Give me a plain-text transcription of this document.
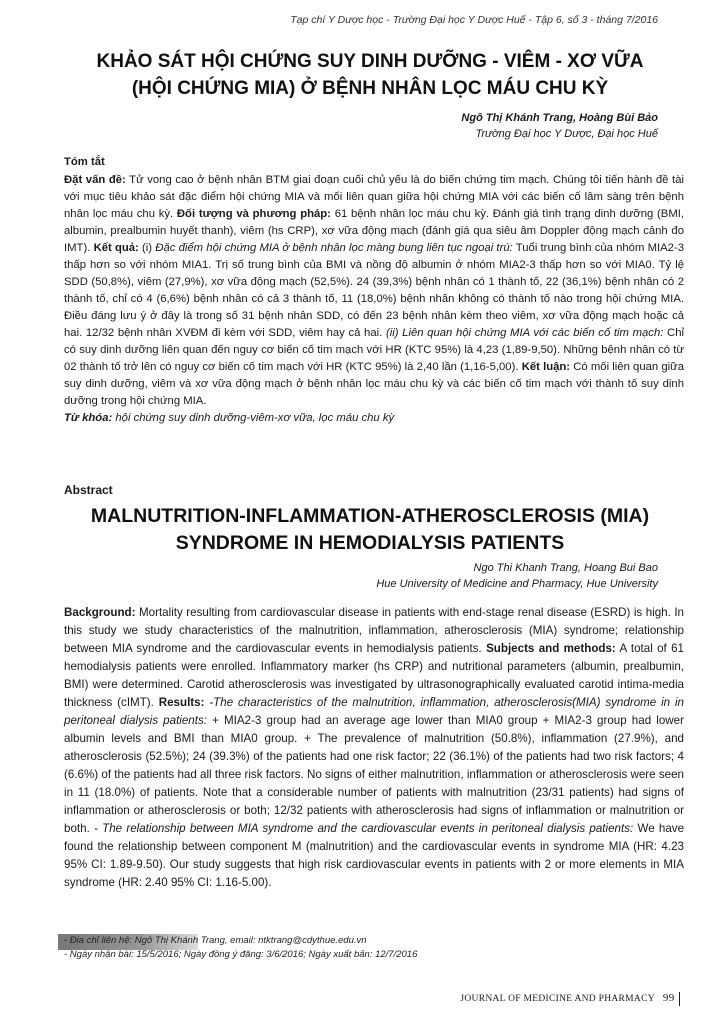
Tạp chí Y Dược học - Trường Đại học Y Dược Huế - Tập 6, số 3 - tháng 7/2016
KHẢO SÁT HỘI CHỨNG SUY DINH DƯỠNG - VIÊM - XƠ VỮA
(HỘI CHỨNG MIA) Ở BỆNH NHÂN LỌC MÁU CHU KỲ
Ngô Thị Khánh Trang, Hoàng Bùi Bảo
Trường Đại học Y Dược, Đại học Huế
Tóm tắt
Đặt vấn đề: Tử vong cao ở bệnh nhân BTM giai đoạn cuối chủ yếu là do biến chứng tim mạch. Chúng tôi tiến hành đề tài với mục tiêu khảo sát đặc điểm hội chứng MIA và mối liên quan giữa hội chứng MIA với các biến cố lâm sàng trên bệnh nhân lọc máu chu kỳ. Đối tượng và phương pháp: 61 bệnh nhân lọc máu chu kỳ. Đánh giá tình trạng dinh dưỡng (BMI, albumin, prealbumin huyết thanh), viêm (hs CRP), xơ vữa động mạch (đánh giá qua siêu âm Doppler động mạch cảnh đo IMT). Kết quả: (i) Đặc điểm hội chứng MIA ở bệnh nhân lọc màng bụng liên tục ngoại trú: Tuổi trung bình của nhóm MIA2-3 thấp hơn so với nhóm MIA1. Trị số trung bình của BMI và nồng độ albumin ở nhóm MIA2-3 thấp hơn so với MIA0. Tỷ lệ SDD (50,8%), viêm (27,9%), xơ vữa động mạch (52,5%). 24 (39,3%) bệnh nhân có 1 thành tố, 22 (36,1%) bệnh nhân có 2 thành tố, chỉ có 4 (6,6%) bệnh nhân có cả 3 thành tố, 11 (18,0%) bệnh nhân không có thành tố nào trong hội chứng MIA. Điều đáng lưu ý ở đây là trong số 31 bệnh nhân SDD, có đến 23 bệnh nhân kèm theo viêm, xơ vữa động mạch hoặc cả hai. 12/32 bệnh nhân XVĐM đi kèm với SDD, viêm hay cả hai. (ii) Liên quan hội chứng MIA với các biến cố tim mạch: Chỉ có suy dinh dưỡng liên quan đến nguy cơ biến cố tim mạch với HR (KTC 95%) là 4,23 (1,89-9,50). Những bệnh nhân có từ 02 thành tố trở lên có nguy cơ biến cố tim mạch với HR (KTC 95%) là 2,40 lần (1,16-5,00). Kết luận: Có mối liên quan giữa suy dinh dưỡng, viêm và xơ vữa động mạch ở bệnh nhân lọc máu chu kỳ và các biến cố tim mạch với thành tố suy dinh dưỡng trong hội chứng MIA.
Từ khóa: hội chứng suy dinh dưỡng-viêm-xơ vữa, lọc máu chu kỳ
Abstract
MALNUTRITION-INFLAMMATION-ATHEROSCLEROSIS (MIA)
SYNDROME IN HEMODIALYSIS PATIENTS
Ngo Thi Khanh Trang, Hoang Bui Bao
Hue University of Medicine and Pharmacy, Hue University
Background: Mortality resulting from cardiovascular disease in patients with end-stage renal disease (ESRD) is high. In this study we study characteristics of the malnutrition, inflammation, atherosclerosis (MIA) syndrome; relationship between MIA syndrome and the cardiovascular events in hemodialysis patients. Subjects and methods: A total of 61 hemodialysis patients were enrolled. Inflammatory marker (hs CRP) and nutritional parameters (albumin, prealbumin, BMI) were determined. Carotid atherosclerosis was investigated by ultrasonographically evaluated carotid intima-media thickness (cIMT). Results: -The characteristics of the malnutrition, inflammation, atherosclerosis(MIA) syndrome in in peritoneal dialysis patients: + MIA2-3 group had an average age lower than MIA0 group + MIA2-3 group had lower albumin levels and BMI than MIA0 group. + The prevalence of malnutrition (50.8%), inflammation (27.9%), and atherosclerosis (52.5%); 24 (39.3%) of the patients had one risk factor; 22 (36.1%) of the patients had two risk factors; 4 (6.6%) of the patients had all three risk factors. No signs of either malnutrition, inflammation or atherosclerosis were seen in 11 (18.0%) of patients. Note that a considerable number of patients with malnutrition (23/31 patients) had signs of inflammation or atherosclerosis or both; 12/32 patients with atherosclerosis had signs of inflammation or malnutrition or both. - The relationship between MIA syndrome and the cardiovascular events in peritoneal dialysis patients: We have found the relationship between component M (malnutrition) and the cardiovascular events in syndrome MIA (HR: 4.23 95% CI: 1.89-9.50). Our study suggests that high risk cardiovascular events in patients with 2 or more elements in MIA syndrome (HR: 2.40 95% CI: 1.16-5.00).
- Địa chỉ liên hệ: Ngô Thị Khánh Trang, email: ntktrang@cdythue.edu.vn
- Ngày nhận bài: 15/5/2016; Ngày đồng ý đăng: 3/6/2016; Ngày xuất bản: 12/7/2016
JOURNAL OF MEDICINE AND PHARMACY 99
